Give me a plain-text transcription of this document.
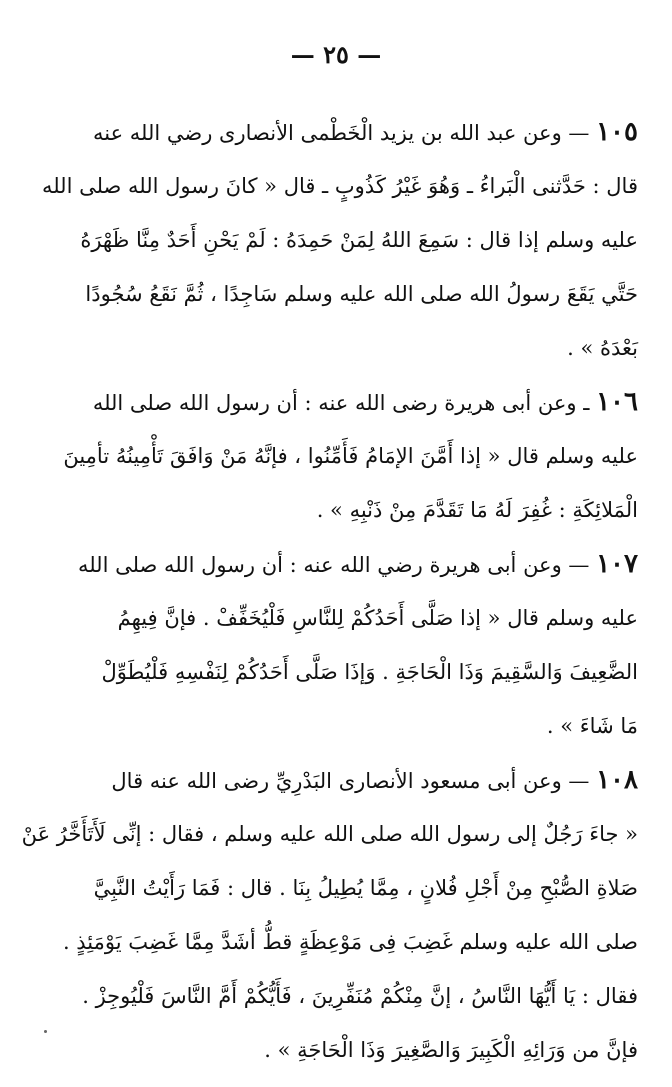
— ٢٥ —
١٠٥ — وعن عبد الله بن يزيد الْخَطْمى الأنصارى رضي الله عنه
قال : حَدَّثنى الْبَراءُ ـ وَهُوَ غَيْرُ كَذُوبٍ ـ قال « كانَ رسول الله صلى الله
عليه وسلم إذا قال : سَمِعَ اللهُ لِمَنْ حَمِدَهُ : لَمْ يَحْنِ أَحَدٌ مِنَّا ظَهْرَهُ
حَتَّي يَقَعَ رسولُ الله صلى الله عليه وسلم سَاجِدًا ، ثُمَّ نَقَعُ سُجُودًا
بَعْدَهُ » .
١٠٦ ـ وعن أبى هريرة رضى الله عنه : أن رسول الله صلى الله
عليه وسلم قال « إذا أَمَّنَ الإمَامُ فَأَمِّنُوا ، فإنَّهُ مَنْ وَافَقَ تَأْمِينُهُ تأمِينَ
الْمَلائِكَةِ : غُفِرَ لَهُ مَا تَقَدَّمَ مِنْ ذَنْبِهِ » .
١٠٧ — وعن أبى هريرة رضي الله عنه : أن رسول الله صلى الله
عليه وسلم قال « إذا صَلَّى أَحَدُكُمْ لِلنَّاسِ فَلْيُخَفِّفْ . فإنَّ فِيهِمُ
الضَّعِيفَ وَالسَّقِيمَ وَذَا الْحَاجَةِ . وَإذَا صَلَّى أَحَدُكُمْ لِنَفْسِهِ فَلْيُطَوِّلْ
مَا شَاءَ » .
١٠٨ — وعن أبى مسعود الأنصارى البَدْرِيِّ رضى الله عنه قال
« جاءَ رَجُلٌ إلى رسول الله صلى الله عليه وسلم ، فقال : إنِّى لَأَتَأَخَّرُ عَنْ
صَلاةِ الصُّبْحِ مِنْ أَجْلِ فُلانٍ ، مِمَّا يُطِيلُ بِنَا . قال : فَمَا رَأَيْتُ النَّبِيَّ
صلى الله عليه وسلم غَضِبَ فِى مَوْعِظَةٍ قطُّ أشَدَّ مِمَّا غَضِبَ يَوْمَئِذٍ .
فقال : يَا أَيُّهَا النَّاسُ ، إنَّ مِنْكُمْ مُنَفِّرِينَ ، فَأَيُّكُمْ أَمَّ النَّاسَ فَلْيُوجِزْ .
فإنَّ من وَرَائِهِ الْكَبِيرَ وَالصَّغِيرَ وَذَا الْحَاجَةِ » .
